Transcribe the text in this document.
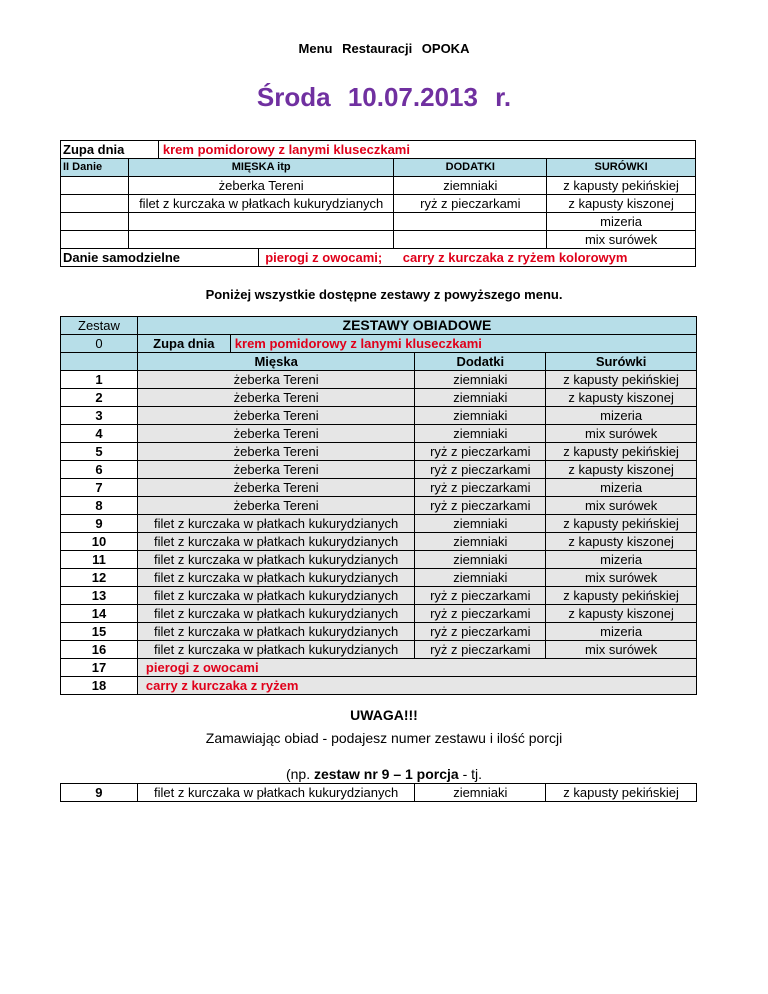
Menu Restauracji OPOKA
Środa 10.07.2013 r.
Zupa dnia		krem pomidorowy z lanymi kluseczkami			
II Danie	MIĘSKA itp			DODATKI	SURÓWKI
	żeberka Tereni			ziemniaki	z kapusty pekińskiej
	filet z kurczaka w płatkach kukurydzianych			ryż z pieczarkami	z kapusty kiszonej
					mizeria
					mix surówek
Danie samodzielne			pierogi z owocami; carry z kurczaka z ryżem kolorowym		
Poniżej wszystkie dostępne zestawy z powyższego menu.
Zestaw	ZESTAWY OBIADOWE			
0	Zupa dnia	krem pomidorowy z lanymi kluseczkami		
	Mięska		Dodatki	Surówki
1	żeberka Tereni		ziemniaki	z kapusty pekińskiej
2	żeberka Tereni		ziemniaki	z kapusty kiszonej
3	żeberka Tereni		ziemniaki	mizeria
4	żeberka Tereni		ziemniaki	mix surówek
5	żeberka Tereni		ryż z pieczarkami	z kapusty pekińskiej
6	żeberka Tereni		ryż z pieczarkami	z kapusty kiszonej
7	żeberka Tereni		ryż z pieczarkami	mizeria
8	żeberka Tereni		ryż z pieczarkami	mix surówek
9	filet z kurczaka w płatkach kukurydzianych		ziemniaki	z kapusty pekińskiej
10	filet z kurczaka w płatkach kukurydzianych		ziemniaki	z kapusty kiszonej
11	filet z kurczaka w płatkach kukurydzianych		ziemniaki	mizeria
12	filet z kurczaka w płatkach kukurydzianych		ziemniaki	mix surówek
13	filet z kurczaka w płatkach kukurydzianych		ryż z pieczarkami	z kapusty pekińskiej
14	filet z kurczaka w płatkach kukurydzianych		ryż z pieczarkami	z kapusty kiszonej
15	filet z kurczaka w płatkach kukurydzianych		ryż z pieczarkami	mizeria
16	filet z kurczaka w płatkach kukurydzianych		ryż z pieczarkami	mix surówek
17	pierogi z owocami			
18	carry z kurczaka z ryżem			
UWAGA!!!
Zamawiając obiad - podajesz numer zestawu i ilość porcji
(np. zestaw nr 9 – 1 porcja - tj.
9	filet z kurczaka w płatkach kukurydzianych	ziemniaki	z kapusty pekińskiej
